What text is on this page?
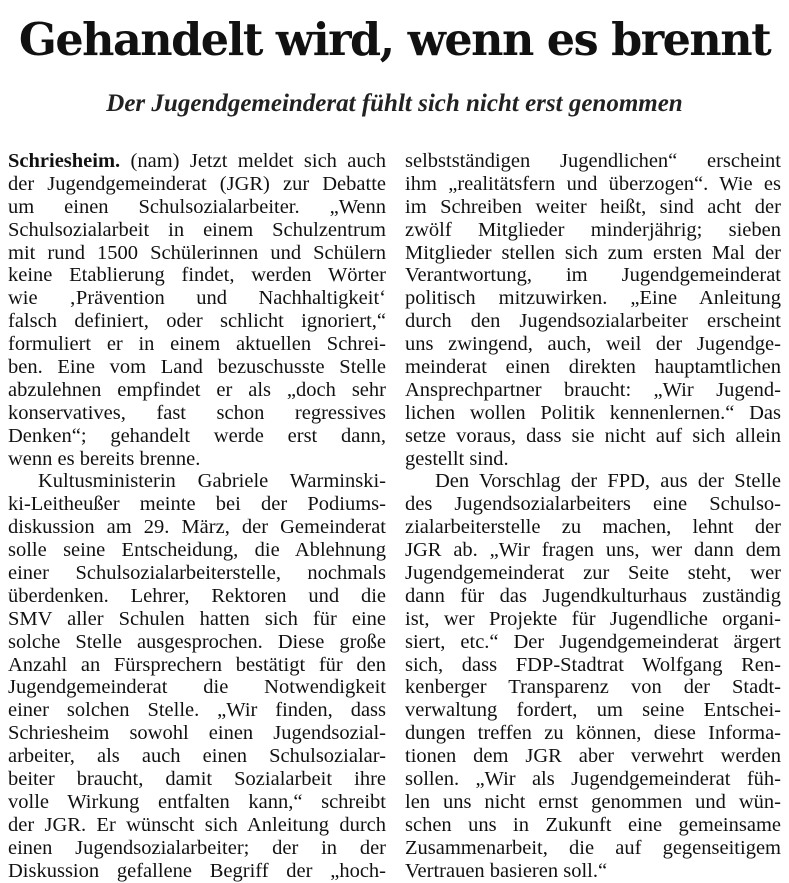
Gehandelt wird, wenn es brennt
Der Jugendgemeinderat fühlt sich nicht erst genommen
Schriesheim. (nam) Jetzt meldet sich auch
der Jugendgemeinderat (JGR) zur Debatte
um einen Schulsozialarbeiter. „Wenn
Schulsozialarbeit in einem Schulzentrum
mit rund 1500 Schülerinnen und Schülern
keine Etablierung findet, werden Wörter
wie ‚Prävention und Nachhaltigkeit‘
falsch definiert, oder schlicht ignoriert,“
formuliert er in einem aktuellen Schrei-
ben. Eine vom Land bezuschusste Stelle
abzulehnen empfindet er als „doch sehr
konservatives, fast schon regressives
Denken“; gehandelt werde erst dann,
wenn es bereits brenne.
Kultusministerin Gabriele Warminski-
ki-Leitheußer meinte bei der Podiums-
diskussion am 29. März, der Gemeinderat
solle seine Entscheidung, die Ablehnung
einer Schulsozialarbeiterstelle, nochmals
überdenken. Lehrer, Rektoren und die
SMV aller Schulen hatten sich für eine
solche Stelle ausgesprochen. Diese große
Anzahl an Fürsprechern bestätigt für den
Jugendgemeinderat die Notwendigkeit
einer solchen Stelle. „Wir finden, dass
Schriesheim sowohl einen Jugendsozial-
arbeiter, als auch einen Schulsozialar-
beiter braucht, damit Sozialarbeit ihre
volle Wirkung entfalten kann,“ schreibt
der JGR. Er wünscht sich Anleitung durch
einen Jugendsozialarbeiter; der in der
Diskussion gefallene Begriff der „hoch-
selbstständigen Jugendlichen“ erscheint
ihm „realitätsfern und überzogen“. Wie es
im Schreiben weiter heißt, sind acht der
zwölf Mitglieder minderjährig; sieben
Mitglieder stellen sich zum ersten Mal der
Verantwortung, im Jugendgemeinderat
politisch mitzuwirken. „Eine Anleitung
durch den Jugendsozialarbeiter erscheint
uns zwingend, auch, weil der Jugendge-
meinderat einen direkten hauptamtlichen
Ansprechpartner braucht: „Wir Jugend-
lichen wollen Politik kennenlernen.“ Das
setze voraus, dass sie nicht auf sich allein
gestellt sind.
Den Vorschlag der FPD, aus der Stelle
des Jugendsozialarbeiters eine Schulso-
zialarbeiterstelle zu machen, lehnt der
JGR ab. „Wir fragen uns, wer dann dem
Jugendgemeinderat zur Seite steht, wer
dann für das Jugendkulturhaus zuständig
ist, wer Projekte für Jugendliche organi-
siert, etc.“ Der Jugendgemeinderat ärgert
sich, dass FDP-Stadtrat Wolfgang Ren-
kenberger Transparenz von der Stadt-
verwaltung fordert, um seine Entschei-
dungen treffen zu können, diese Informa-
tionen dem JGR aber verwehrt werden
sollen. „Wir als Jugendgemeinderat füh-
len uns nicht ernst genommen und wün-
schen uns in Zukunft eine gemeinsame
Zusammenarbeit, die auf gegenseitigem
Vertrauen basieren soll.“
